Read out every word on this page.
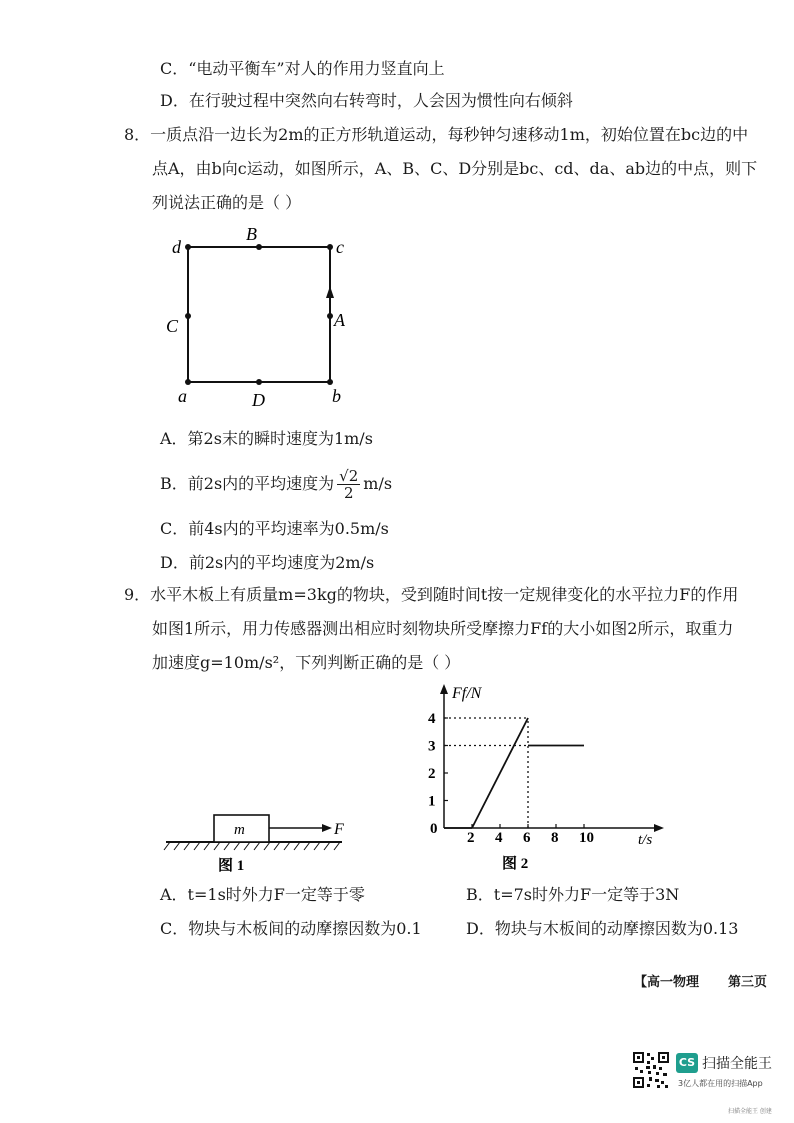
C．“电动平衡车”对人的作用力竖直向上
D．在行驶过程中突然向右转弯时，人会因为惯性向右倾斜
8．一质点沿一边长为2m的正方形轨道运动，每秒钟匀速移动1m，初始位置在bc边的中
点A，由b向c运动，如图所示，A、B、C、D分别是bc、cd、da、ab边的中点，则下
列说法正确的是（ ）
d	c
a	b
B
C
D
A
A．第2s末的瞬时速度为1m/s
B．前2s内的平均速度为 $\frac{√2}{2} m/s$
C．前4s内的平均速率为0.5m/s
D．前2s内的平均速度为2m/s
9．水平木板上有质量m=3kg的物块，受到随时间t按一定规律变化的水平拉力F的作用
如图1所示，用力传感器测出相应时刻物块所受摩擦力Ff的大小如图2所示，取重力
加速度g=10m/s²，下列判断正确的是（ ）
m	F
图 1
Ff/N
t/s
0
2 4 6 8 10
1
2
3
4
图 2
A．t=1s时外力F一定等于零	B．t=7s时外力F一定等于3N
C．物块与木板间的动摩擦因数为0.1	D．物块与木板间的动摩擦因数为0.13
【高一物理 第三页
CS 扫描全能王
3亿人都在用的扫描App
扫描全能王 创建
